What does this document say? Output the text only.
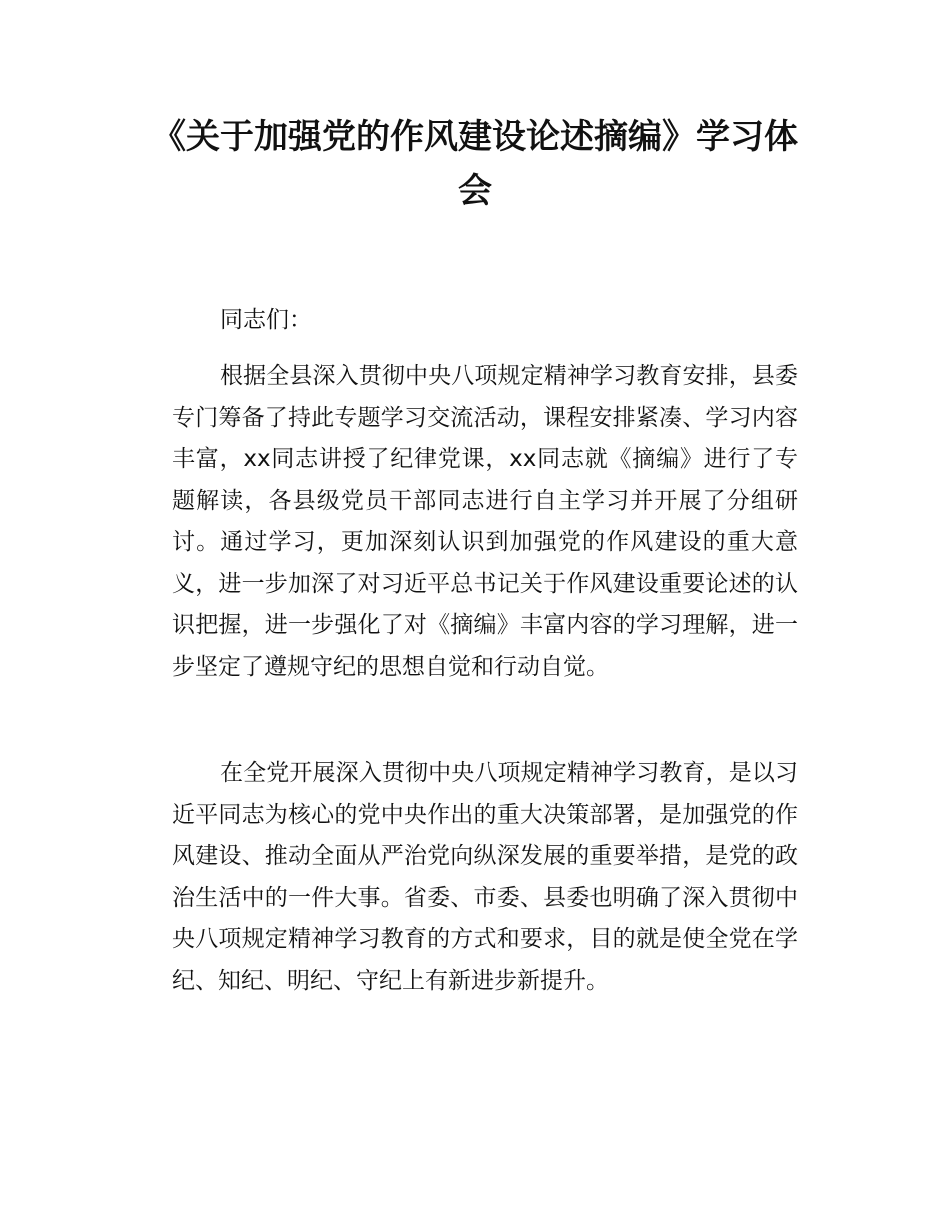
《关于加强党的作风建设论述摘编》学习体会

同志们：

根据全县深入贯彻中央八项规定精神学习教育安排，县委专门筹备了持此专题学习交流活动，课程安排紧凑、学习内容丰富，xx同志讲授了纪律党课，xx同志就《摘编》进行了专题解读，各县级党员干部同志进行自主学习并开展了分组研讨。通过学习，更加深刻认识到加强党的作风建设的重大意义，进一步加深了对习近平总书记关于作风建设重要论述的认识把握，进一步强化了对《摘编》丰富内容的学习理解，进一步坚定了遵规守纪的思想自觉和行动自觉。

在全党开展深入贯彻中央八项规定精神学习教育，是以习近平同志为核心的党中央作出的重大决策部署，是加强党的作风建设、推动全面从严治党向纵深发展的重要举措，是党的政治生活中的一件大事。省委、市委、县委也明确了深入贯彻中央八项规定精神学习教育的方式和要求，目的就是使全党在学纪、知纪、明纪、守纪上有新进步新提升。
